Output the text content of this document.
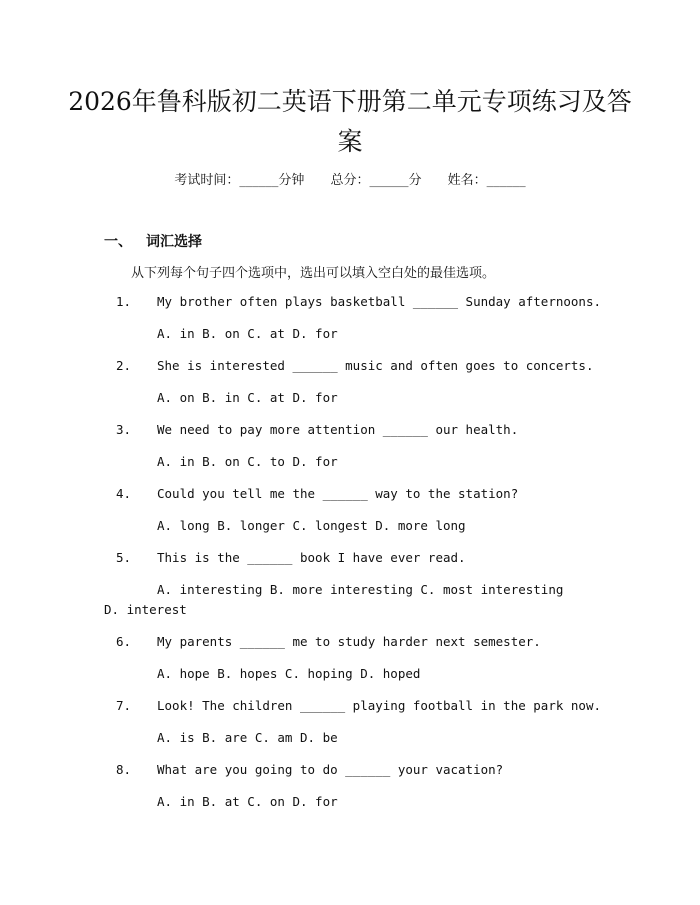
2026年鲁科版初二英语下册第二单元专项练习及答案
考试时间：______分钟 总分：______分 姓名：______
一、 词汇选择
从下列每个句子四个选项中，选出可以填入空白处的最佳选项。
1. My brother often plays basketball ______ Sunday afternoons.
A. in B. on C. at D. for
2. She is interested ______ music and often goes to concerts.
A. on B. in C. at D. for
3. We need to pay more attention ______ our health.
A. in B. on C. to D. for
4. Could you tell me the ______ way to the station?
A. long B. longer C. longest D. more long
5. This is the ______ book I have ever read.
A. interesting B. more interesting C. most interesting D. interest
6. My parents ______ me to study harder next semester.
A. hope B. hopes C. hoping D. hoped
7. Look! The children ______ playing football in the park now.
A. is B. are C. am D. be
8. What are you going to do ______ your vacation?
A. in B. at C. on D. for
